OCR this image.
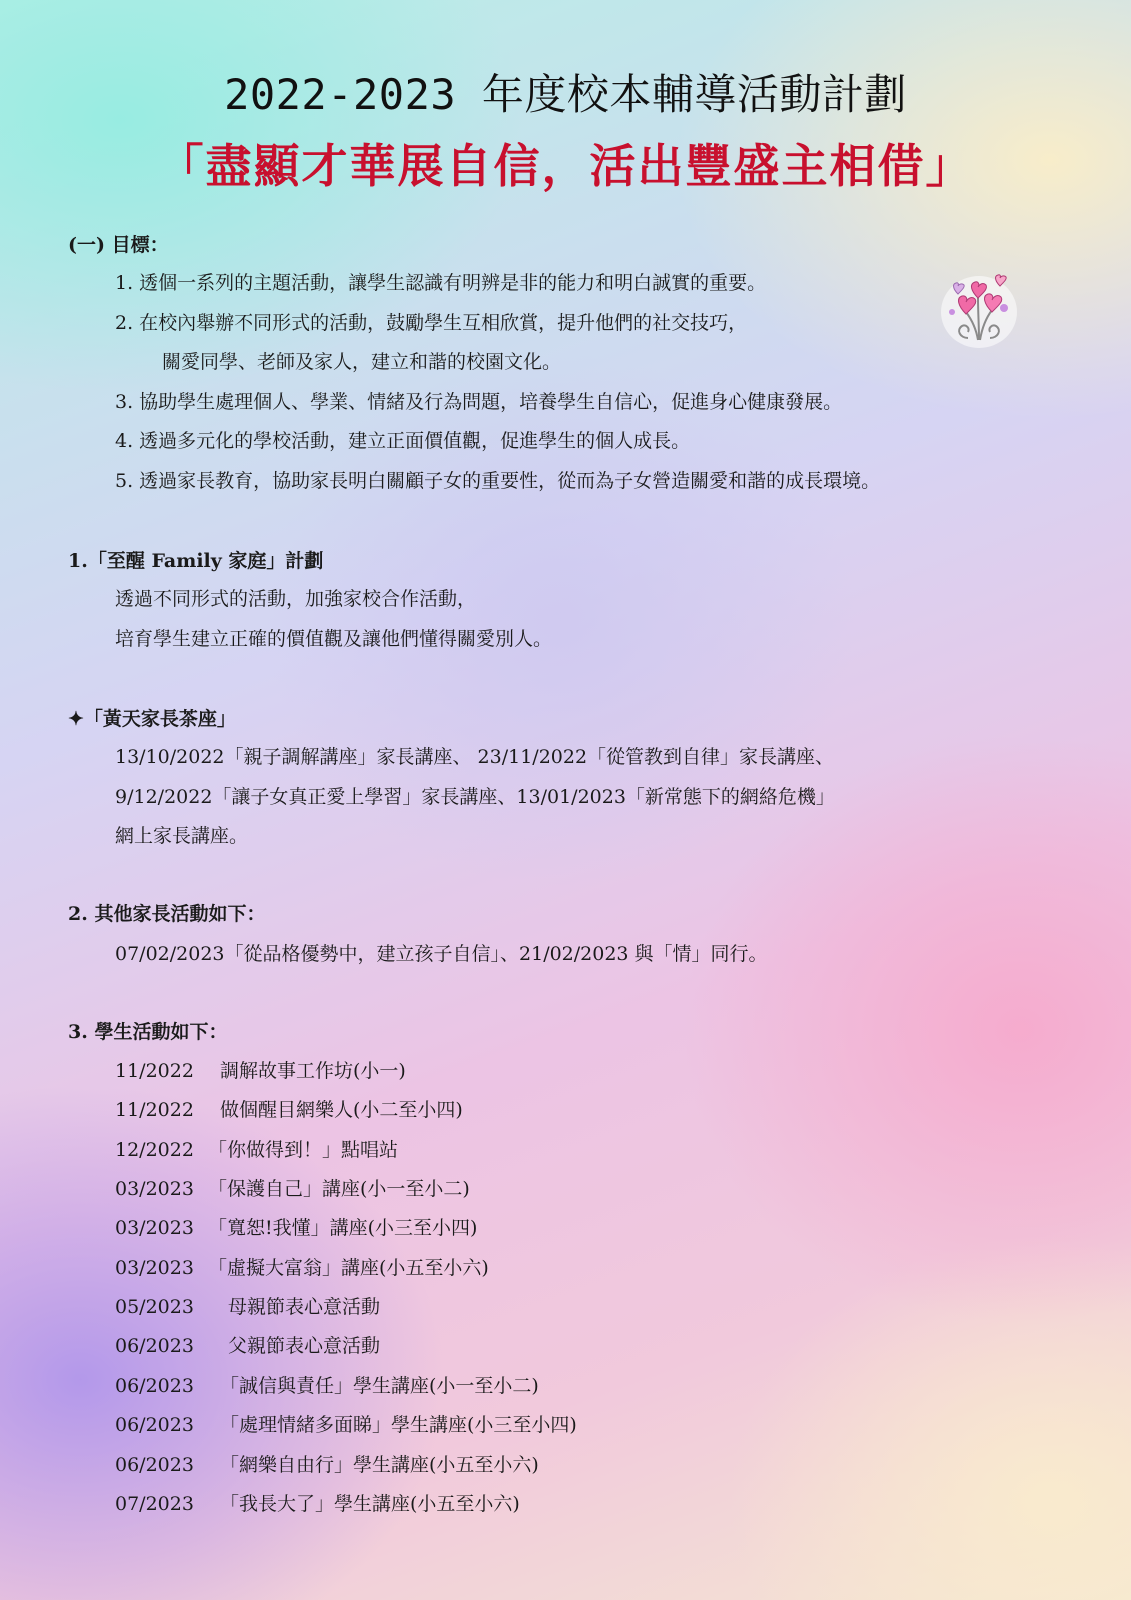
2022-2023 年度校本輔導活動計劃
「盡顯才華展自信，活出豐盛主相借」
(一) 目標：
1. 透個一系列的主題活動，讓學生認識有明辨是非的能力和明白誠實的重要。
2. 在校內舉辦不同形式的活動，鼓勵學生互相欣賞，提升他們的社交技巧，
關愛同學、老師及家人，建立和諧的校園文化。
3. 協助學生處理個人、學業、情緒及行為問題，培養學生自信心，促進身心健康發展。
4. 透過多元化的學校活動，建立正面價值觀，促進學生的個人成長。
5. 透過家長教育，協助家長明白關顧子女的重要性，從而為子女營造關愛和諧的成長環境。
1.「至醒 Family 家庭」計劃
透過不同形式的活動，加強家校合作活動，
培育學生建立正確的價值觀及讓他們懂得關愛別人。
✦「黃天家長茶座」
13/10/2022「親子調解講座」家長講座、 23/11/2022「從管教到自律」家長講座、
9/12/2022「讓子女真正愛上學習」家長講座、13/01/2023「新常態下的網絡危機」
網上家長講座。
2. 其他家長活動如下：
07/02/2023「從品格優勢中，建立孩子自信」、21/02/2023 與「情」同行。
3. 學生活動如下：
11/2022 調解故事工作坊(小一)
11/2022 做個醒目網樂人(小二至小四)
12/2022 「你做得到！」點唱站
03/2023 「保護自己」講座(小一至小二)
03/2023 「寬恕!我懂」講座(小三至小四)
03/2023 「虛擬大富翁」講座(小五至小六)
05/2023 母親節表心意活動
06/2023 父親節表心意活動
06/2023 「誠信與責任」學生講座(小一至小二)
06/2023 「處理情緒多面睇」學生講座(小三至小四)
06/2023 「網樂自由行」學生講座(小五至小六)
07/2023 「我長大了」學生講座(小五至小六)
